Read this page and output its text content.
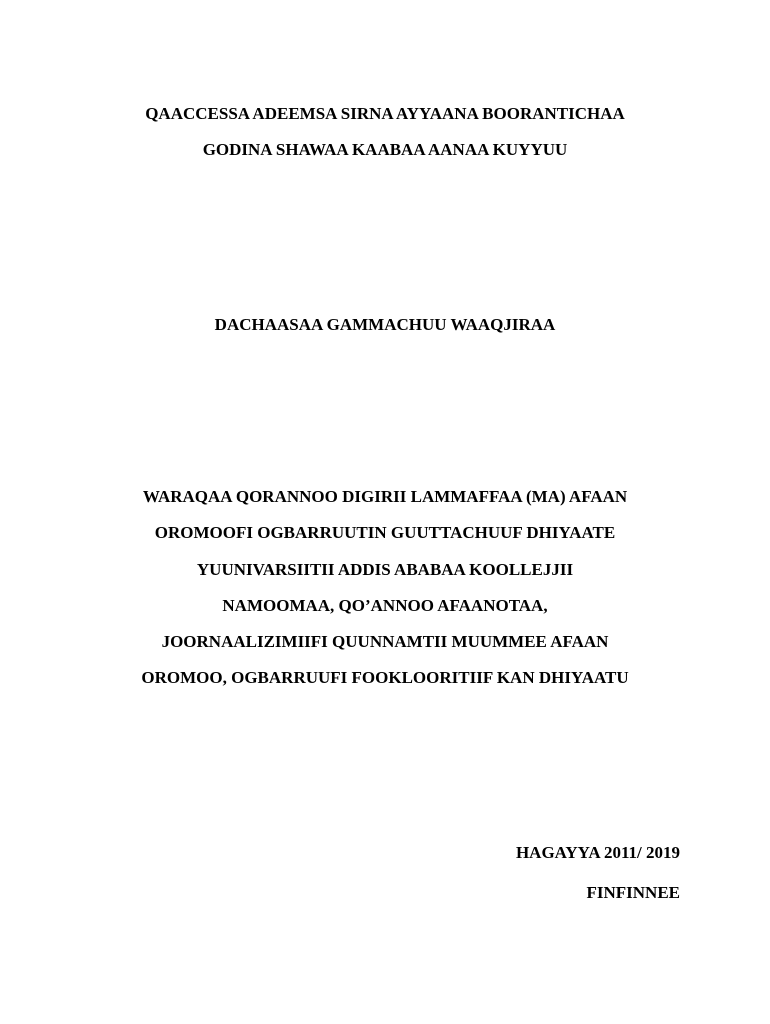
QAACCESSA ADEEMSA SIRNA AYYAANA BOORANTICHAA
GODINA SHAWAA KAABAA AANAA KUYYUU
DACHAASAA GAMMACHUU WAAQJIRAA
WARAQAA QORANNOO DIGIRII LAMMAFFAA (MA) AFAAN
OROMOOFI OGBARRUUTIN GUUTTACHUUF DHIYAATE
YUUNIVARSIITII ADDIS ABABAA KOOLLEJJII
NAMOOMAA, QO’ANNOO AFAANOTAA,
JOORNAALIZIMIIFI QUUNNAMTII MUUMMEE AFAAN
OROMOO, OGBARRUUFI FOOKLOORITIIF KAN DHIYAATU
HAGAYYA 2011/ 2019
FINFINNEE
